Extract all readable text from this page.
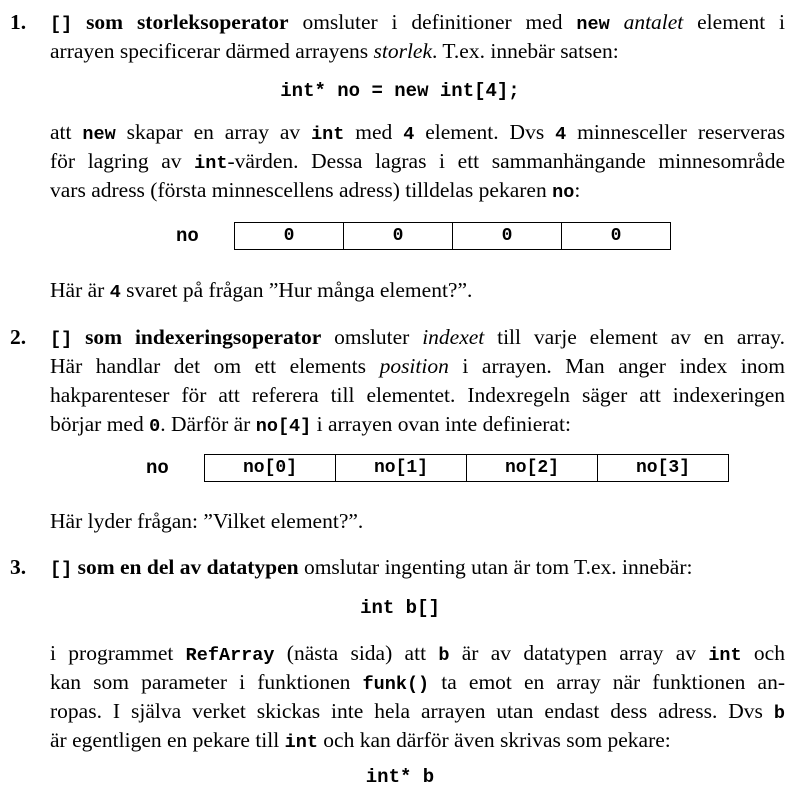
1. [] som storleksoperator omsluter i definitioner med new antalet element i
arrayen specificerar därmed arrayens storlek. T.ex. innebär satsen:
int* no = new int[4];
att new skapar en array av int med 4 element. Dvs 4 minnesceller reserveras
för lagring av int-värden. Dessa lagras i ett sammanhängande minnesområde
vars adress (första minnescellens adress) tilldelas pekaren no:
no	0	0	0	0
Här är 4 svaret på frågan ”Hur många element?”.
2. [] som indexeringsoperator omsluter indexet till varje element av en array.
Här handlar det om ett elements position i arrayen. Man anger index inom
hakparenteser för att referera till elementet. Indexregeln säger att indexeringen
börjar med 0. Därför är no[4] i arrayen ovan inte definierat:
no	no[0]	no[1]	no[2]	no[3]
Här lyder frågan: ”Vilket element?”.
3. [] som en del av datatypen omslutar ingenting utan är tom T.ex. innebär:
int b[]
i programmet RefArray (nästa sida) att b är av datatypen array av int och
kan som parameter i funktionen funk() ta emot en array när funktionen an-
ropas. I själva verket skickas inte hela arrayen utan endast dess adress. Dvs b
är egentligen en pekare till int och kan därför även skrivas som pekare:
int* b
